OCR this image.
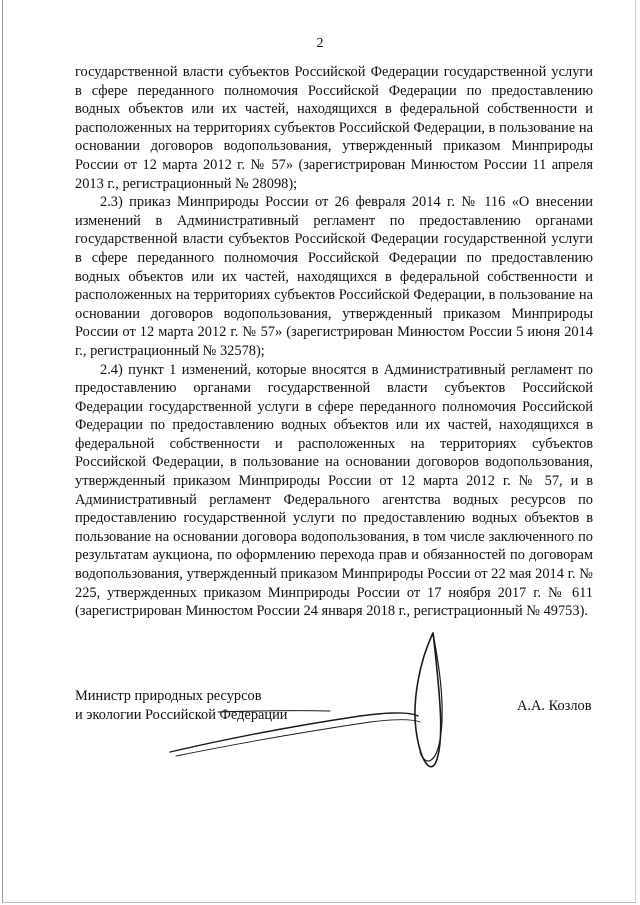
2

государственной власти субъектов Российской Федерации государственной услуги в сфере переданного полномочия Российской Федерации по предоставлению водных объектов или их частей, находящихся в федеральной собственности и расположенных на территориях субъектов Российской Федерации, в пользование на основании договоров водопользования, утвержденный приказом Минприроды России от 12 марта 2012 г. № 57» (зарегистрирован Минюстом России 11 апреля 2013 г., регистрационный № 28098);

2.3) приказ Минприроды России от 26 февраля 2014 г. № 116 «О внесении изменений в Административный регламент по предоставлению органами государственной власти субъектов Российской Федерации государственной услуги в сфере переданного полномочия Российской Федерации по предоставлению водных объектов или их частей, находящихся в федеральной собственности и расположенных на территориях субъектов Российской Федерации, в пользование на основании договоров водопользования, утвержденный приказом Минприроды России от 12 марта 2012 г. № 57» (зарегистрирован Минюстом России 5 июня 2014 г., регистрационный № 32578);

2.4) пункт 1 изменений, которые вносятся в Административный регламент по предоставлению органами государственной власти субъектов Российской Федерации государственной услуги в сфере переданного полномочия Российской Федерации по предоставлению водных объектов или их частей, находящихся в федеральной собственности и расположенных на территориях субъектов Российской Федерации, в пользование на основании договоров водопользования, утвержденный приказом Минприроды России от 12 марта 2012 г. № 57, и в Административный регламент Федерального агентства водных ресурсов по предоставлению государственной услуги по предоставлению водных объектов в пользование на основании договора водопользования, в том числе заключенного по результатам аукциона, по оформлению перехода прав и обязанностей по договорам водопользования, утвержденный приказом Минприроды России от 22 мая 2014 г. № 225, утвержденных приказом Минприроды России от 17 ноября 2017 г. № 611 (зарегистрирован Минюстом России 24 января 2018 г., регистрационный № 49753).

Министр природных ресурсов

и экологии Российской Федерации

А.А. Козлов
